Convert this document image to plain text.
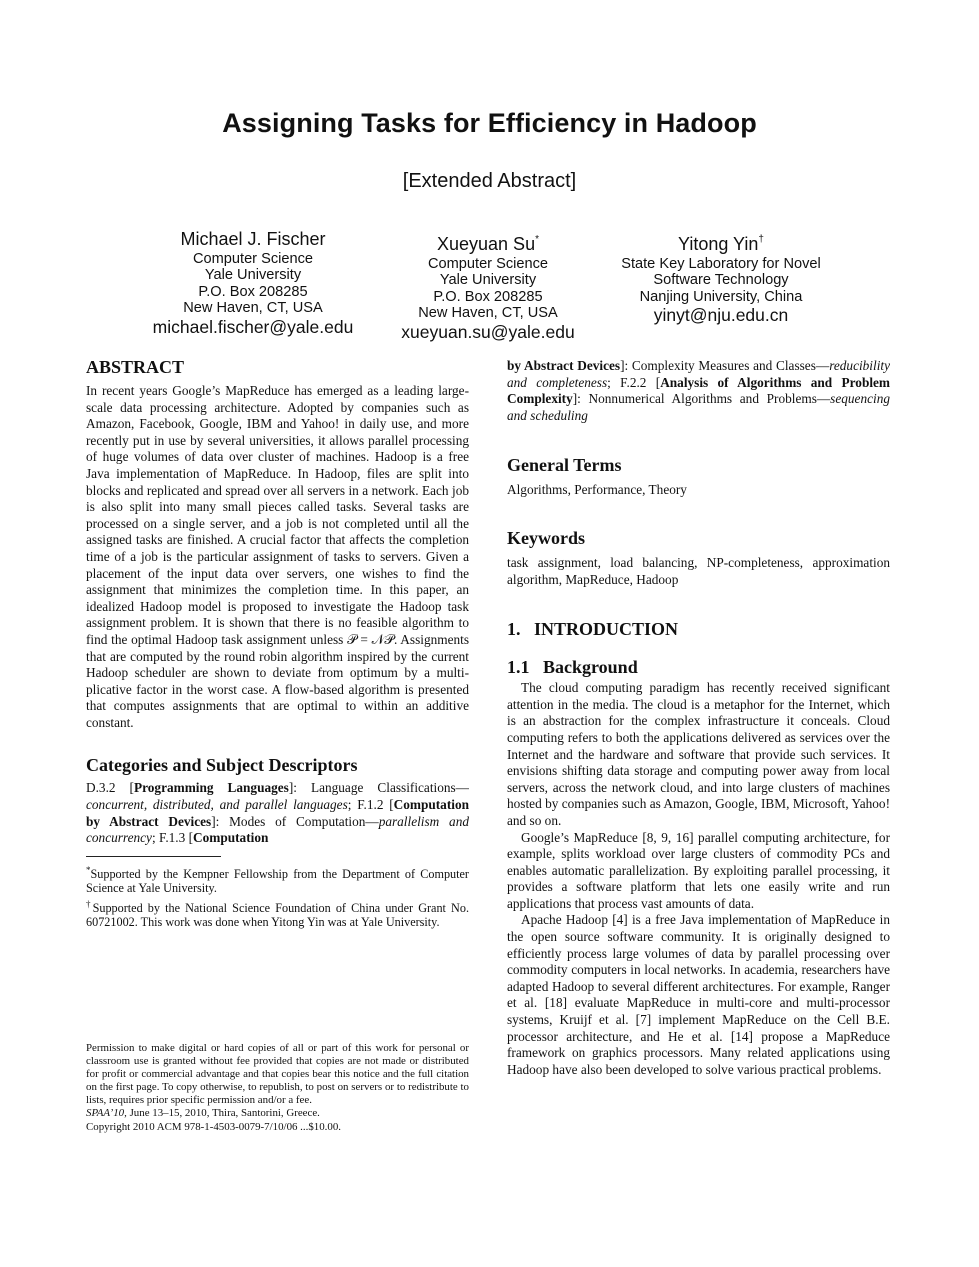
Assigning Tasks for Efficiency in Hadoop
[Extended Abstract]
Michael J. Fischer
Computer Science
Yale University
P.O. Box 208285
New Haven, CT, USA
michael.fischer@yale.edu
Xueyuan Su*
Computer Science
Yale University
P.O. Box 208285
New Haven, CT, USA
xueyuan.su@yale.edu
Yitong Yin†
State Key Laboratory for Novel
Software Technology
Nanjing University, China
yinyt@nju.edu.cn
ABSTRACT

In recent years Google’s MapReduce has emerged as a leading large-scale data processing architecture. Adopted by companies such as Amazon, Facebook, Google, IBM and Yahoo! in daily use, and more recently put in use by several universities, it allows parallel processing of huge volumes of data over cluster of machines. Hadoop is a free Java implementation of MapReduce. In Hadoop, files are split into blocks and replicated and spread over all servers in a network. Each job is also split into many small pieces called tasks. Several tasks are processed on a single server, and a job is not completed until all the assigned tasks are finished. A crucial factor that affects the completion time of a job is the particular assignment of tasks to servers. Given a placement of the input data over servers, one wishes to find the assignment that minimizes the completion time. In this paper, an idealized Hadoop model is proposed to investigate the Hadoop task assignment problem. It is shown that there is no feasible algorithm to find the optimal Hadoop task assignment unless 𝒫 = 𝒩𝒫. Assignments that are computed by the round robin algorithm inspired by the current Hadoop scheduler are shown to deviate from optimum by a multiplicative factor in the worst case. A flow-based algorithm is presented that computes assignments that are optimal to within an additive constant.

Categories and Subject Descriptors

D.3.2 [Programming Languages]: Language Classifications—concurrent, distributed, and parallel languages; F.1.2 [Computation by Abstract Devices]: Modes of Computation—parallelism and concurrency; F.1.3 [Computation

*Supported by the Kempner Fellowship from the Department of Computer Science at Yale University.

†Supported by the National Science Foundation of China under Grant No. 60721002. This work was done when Yitong Yin was at Yale University.

Permission to make digital or hard copies of all or part of this work for personal or classroom use is granted without fee provided that copies are not made or distributed for profit or commercial advantage and that copies bear this notice and the full citation on the first page. To copy otherwise, to republish, to post on servers or to redistribute to lists, requires prior specific permission and/or a fee.

SPAA’10, June 13–15, 2010, Thira, Santorini, Greece.

Copyright 2010 ACM 978-1-4503-0079-7/10/06 ...$10.00.

by Abstract Devices]: Complexity Measures and Classes—reducibility and completeness; F.2.2 [Analysis of Algorithms and Problem Complexity]: Nonnumerical Algorithms and Problems—sequencing and scheduling

General Terms

Algorithms, Performance, Theory

Keywords

task assignment, load balancing, NP-completeness, approximation algorithm, MapReduce, Hadoop

1.   INTRODUCTION
1.1   Background

The cloud computing paradigm has recently received significant attention in the media. The cloud is a metaphor for the Internet, which is an abstraction for the complex infrastructure it conceals. Cloud computing refers to both the applications delivered as services over the Internet and the hardware and software that provide such services. It envisions shifting data storage and computing power away from local servers, across the network cloud, and into large clusters of machines hosted by companies such as Amazon, Google, IBM, Microsoft, Yahoo! and so on.

Google’s MapReduce [8, 9, 16] parallel computing architecture, for example, splits workload over large clusters of commodity PCs and enables automatic parallelization. By exploiting parallel processing, it provides a software platform that lets one easily write and run applications that process vast amounts of data.

Apache Hadoop [4] is a free Java implementation of MapReduce in the open source software community. It is originally designed to efficiently process large volumes of data by parallel processing over commodity computers in local networks. In academia, researchers have adapted Hadoop to several different architectures. For example, Ranger et al. [18] evaluate MapReduce in multi-core and multi-processor systems, Kruijf et al. [7] implement MapReduce on the Cell B.E. processor architecture, and He et al. [14] propose a MapReduce framework on graphics processors. Many related applications using Hadoop have also been developed to solve various practical problems.
